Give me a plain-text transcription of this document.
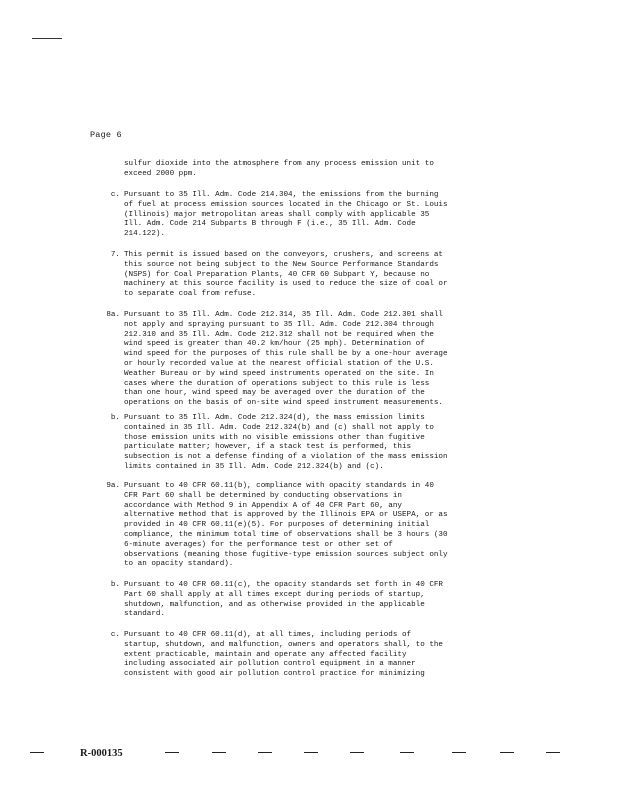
Page 6
sulfur dioxide into the atmosphere from any process emission unit to
exceed 2000 ppm.
c. Pursuant to 35 Ill. Adm. Code 214.304, the emissions from the burning
of fuel at process emission sources located in the Chicago or St. Louis
(Illinois) major metropolitan areas shall comply with applicable 35
Ill. Adm. Code 214 Subparts B through F (i.e., 35 Ill. Adm. Code
214.122).
7. This permit is issued based on the conveyors, crushers, and screens at
this source not being subject to the New Source Performance Standards
(NSPS) for Coal Preparation Plants, 40 CFR 60 Subpart Y, because no
machinery at this source facility is used to reduce the size of coal or
to separate coal from refuse.
8a. Pursuant to 35 Ill. Adm. Code 212.314, 35 Ill. Adm. Code 212.301 shall
not apply and spraying pursuant to 35 Ill. Adm. Code 212.304 through
212.310 and 35 Ill. Adm. Code 212.312 shall not be required when the
wind speed is greater than 40.2 km/hour (25 mph). Determination of
wind speed for the purposes of this rule shall be by a one-hour average
or hourly recorded value at the nearest official station of the U.S.
Weather Bureau or by wind speed instruments operated on the site. In
cases where the duration of operations subject to this rule is less
than one hour, wind speed may be averaged over the duration of the
operations on the basis of on-site wind speed instrument measurements.
b. Pursuant to 35 Ill. Adm. Code 212.324(d), the mass emission limits
contained in 35 Ill. Adm. Code 212.324(b) and (c) shall not apply to
those emission units with no visible emissions other than fugitive
particulate matter; however, if a stack test is performed, this
subsection is not a defense finding of a violation of the mass emission
limits contained in 35 Ill. Adm. Code 212.324(b) and (c).
9a. Pursuant to 40 CFR 60.11(b), compliance with opacity standards in 40
CFR Part 60 shall be determined by conducting observations in
accordance with Method 9 in Appendix A of 40 CFR Part 60, any
alternative method that is approved by the Illinois EPA or USEPA, or as
provided in 40 CFR 60.11(e)(5). For purposes of determining initial
compliance, the minimum total time of observations shall be 3 hours (30
6-minute averages) for the performance test or other set of
observations (meaning those fugitive-type emission sources subject only
to an opacity standard).
b. Pursuant to 40 CFR 60.11(c), the opacity standards set forth in 40 CFR
Part 60 shall apply at all times except during periods of startup,
shutdown, malfunction, and as otherwise provided in the applicable
standard.
c. Pursuant to 40 CFR 60.11(d), at all times, including periods of
startup, shutdown, and malfunction, owners and operators shall, to the
extent practicable, maintain and operate any affected facility
including associated air pollution control equipment in a manner
consistent with good air pollution control practice for minimizing
R-000135
